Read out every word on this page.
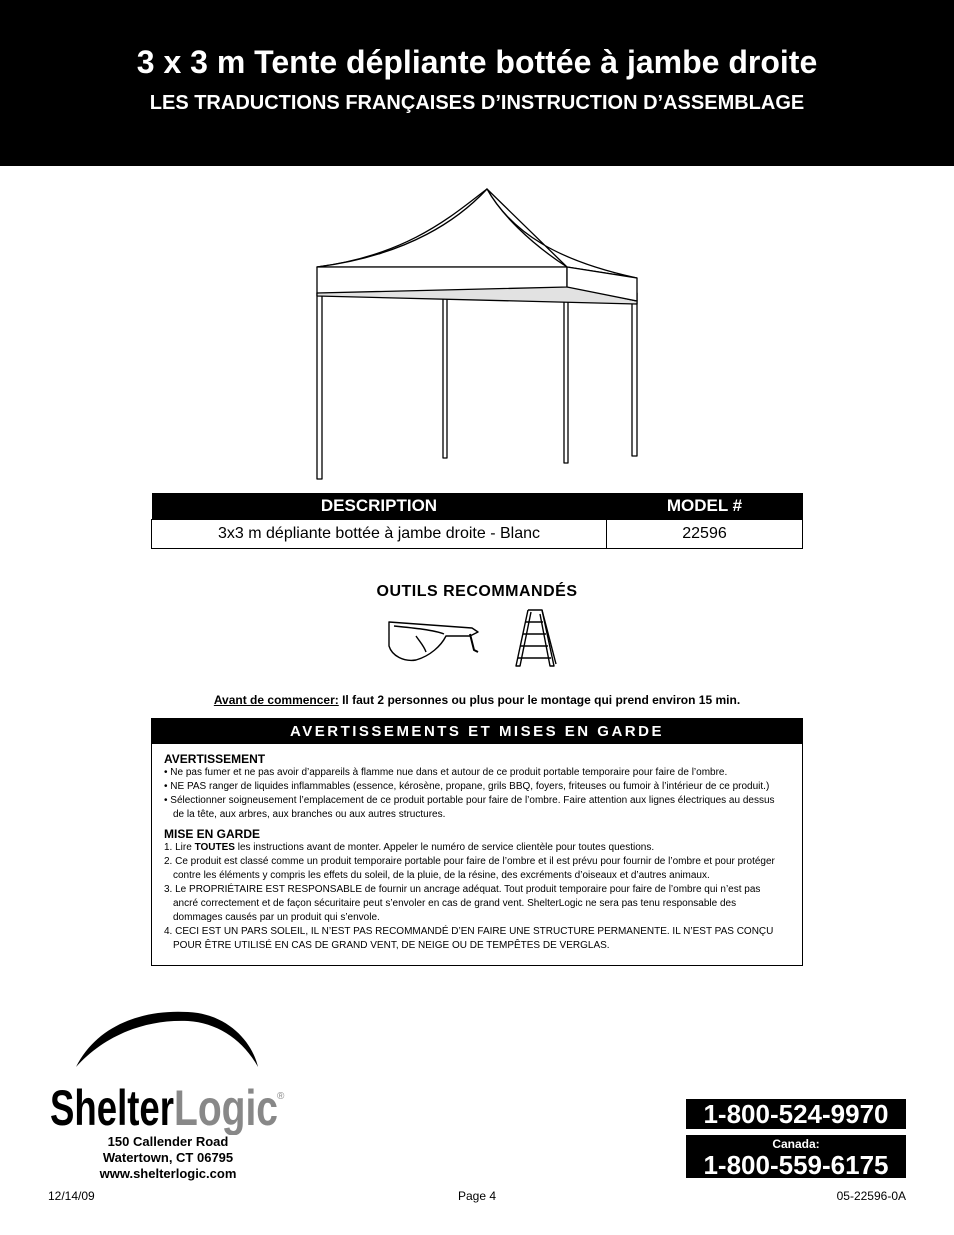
3 x 3 m Tente dépliante bottée à jambe droite
LES TRADUCTIONS FRANÇAISES D’INSTRUCTION D’ASSEMBLAGE
DESCRIPTION	MODEL #
3x3 m dépliante bottée à jambe droite - Blanc	22596
OUTILS RECOMMANDÉS
Avant de commencer: Il faut 2 personnes ou plus pour le montage qui prend environ 15 min.
AVERTISSEMENTS ET MISES EN GARDE
AVERTISSEMENT
• Ne pas fumer et ne pas avoir d’appareils à flamme nue dans et autour de ce produit portable temporaire pour faire de l’ombre.
• NE PAS ranger de liquides inflammables (essence, kérosène, propane, grils BBQ, foyers, friteuses ou fumoir à l’intérieur de ce produit.)
• Sélectionner soigneusement l’emplacement de ce produit portable pour faire de l’ombre. Faire attention aux lignes électriques au dessus
de la tête, aux arbres, aux branches ou aux autres structures.
MISE EN GARDE
1. Lire TOUTES les instructions avant de monter. Appeler le numéro de service clientèle pour toutes questions.
2. Ce produit est classé comme un produit temporaire portable pour faire de l’ombre et il est prévu pour fournir de l’ombre et pour protéger
contre les éléments y compris les effets du soleil, de la pluie, de la résine, des excréments d’oiseaux et d’autres animaux.
3. Le PROPRIÉTAIRE EST RESPONSABLE de fournir un ancrage adéquat. Tout produit temporaire pour faire de l’ombre qui n’est pas
ancré correctement et de façon sécuritaire peut s’envoler en cas de grand vent. ShelterLogic ne sera pas tenu responsable des
dommages causés par un produit qui s’envole.
4. CECI EST UN PARS SOLEIL, IL N’EST PAS RECOMMANDÉ D’EN FAIRE UNE STRUCTURE PERMANENTE. IL N’EST PAS CONÇU
POUR ÊTRE UTILISÉ EN CAS DE GRAND VENT, DE NEIGE OU DE TEMPÊTES DE VERGLAS.
Shelter Logic ®
150 Callender Road
Watertown, CT 06795
www.shelterlogic.com
1-800-524-9970
Canada:
1-800-559-6175
12/14/09	Page 4	05-22596-0A
